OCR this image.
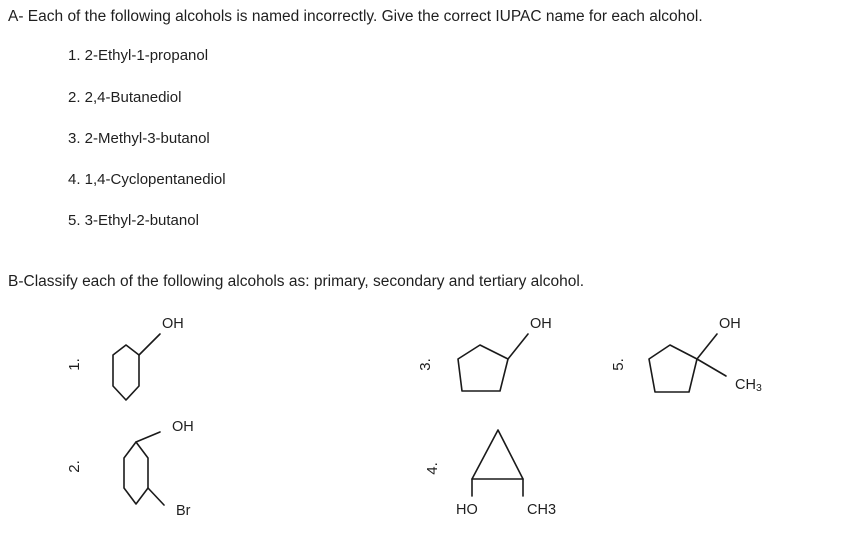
A- Each of the following alcohols is named incorrectly. Give the correct IUPAC name for each alcohol.
1. 2-Ethyl-1-propanol
2. 2,4-Butanediol
3. 2-Methyl-3-butanol
4. 1,4-Cyclopentanediol
5. 3-Ethyl-2-butanol
B-Classify each of the following alcohols as: primary, secondary and tertiary alcohol.
1.
OH
2.
OH
Br
3.
OH
4.
HO	CH3
5.
OH
CH3
